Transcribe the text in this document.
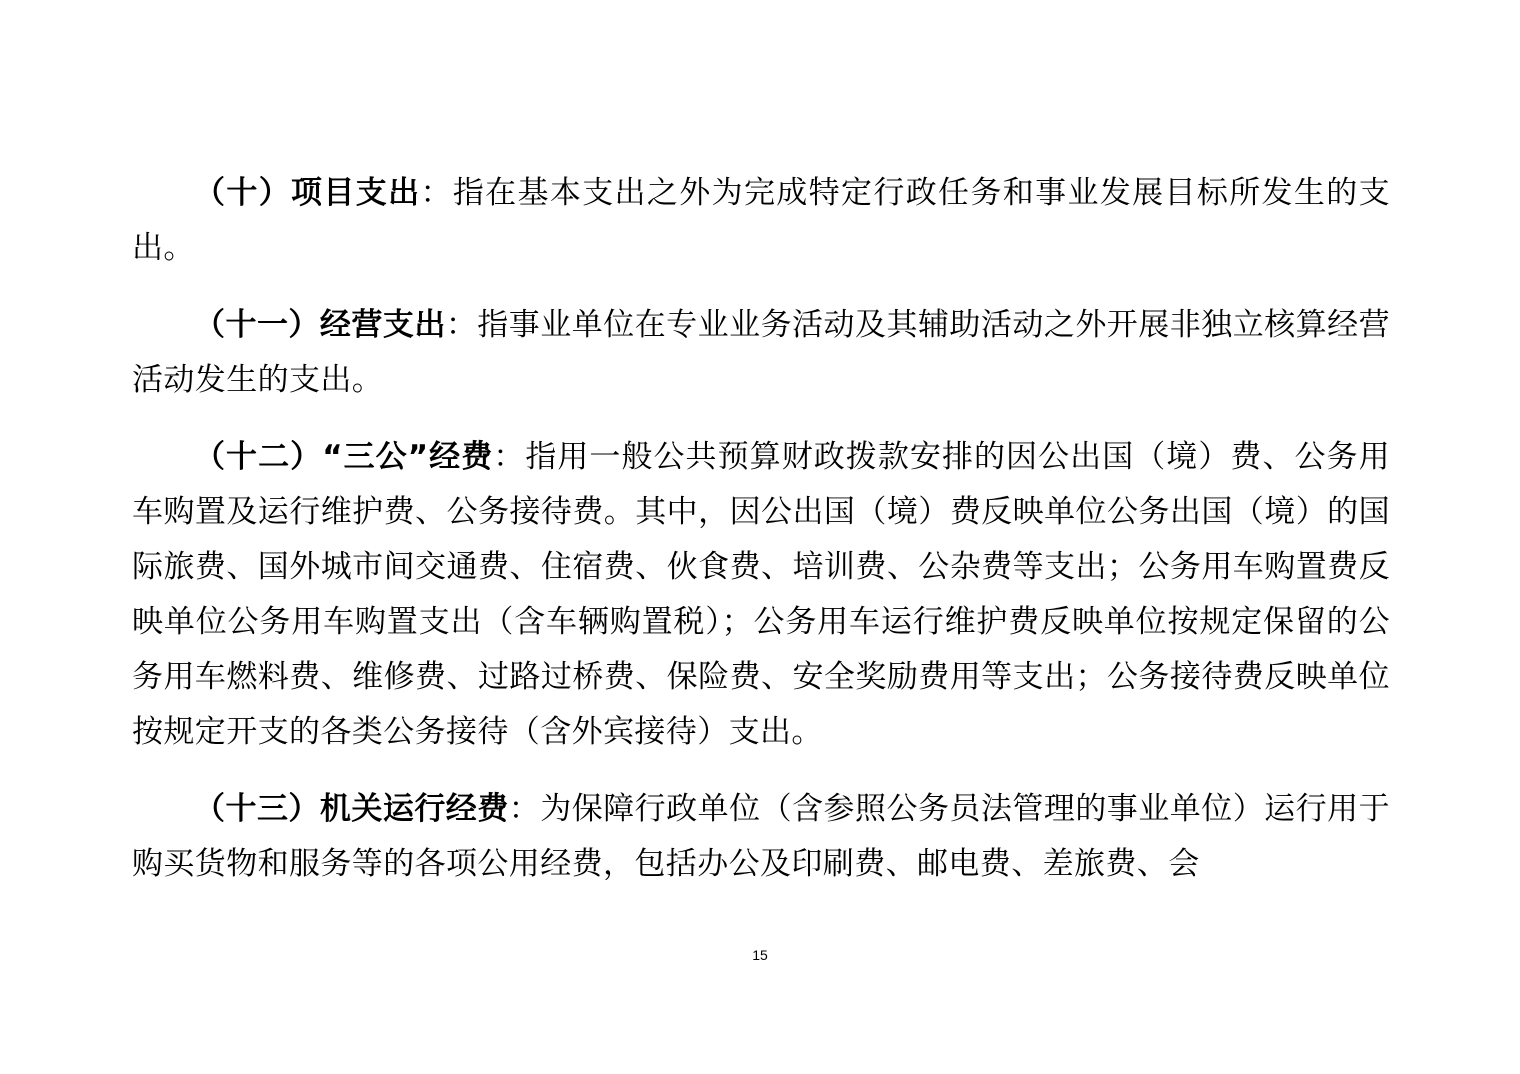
（十）项目支出：指在基本支出之外为完成特定行政任务和事业发展目标所发生的支出。

（十一）经营支出：指事业单位在专业业务活动及其辅助活动之外开展非独立核算经营活动发生的支出。

（十二）“三公”经费：指用一般公共预算财政拨款安排的因公出国（境）费、公务用车购置及运行维护费、公务接待费。其中，因公出国（境）费反映单位公务出国（境）的国际旅费、国外城市间交通费、住宿费、伙食费、培训费、公杂费等支出；公务用车购置费反映单位公务用车购置支出（含车辆购置税）；公务用车运行维护费反映单位按规定保留的公务用车燃料费、维修费、过路过桥费、保险费、安全奖励费用等支出；公务接待费反映单位按规定开支的各类公务接待（含外宾接待）支出。

（十三）机关运行经费：为保障行政单位（含参照公务员法管理的事业单位）运行用于购买货物和服务等的各项公用经费，包括办公及印刷费、邮电费、差旅费、会

15
